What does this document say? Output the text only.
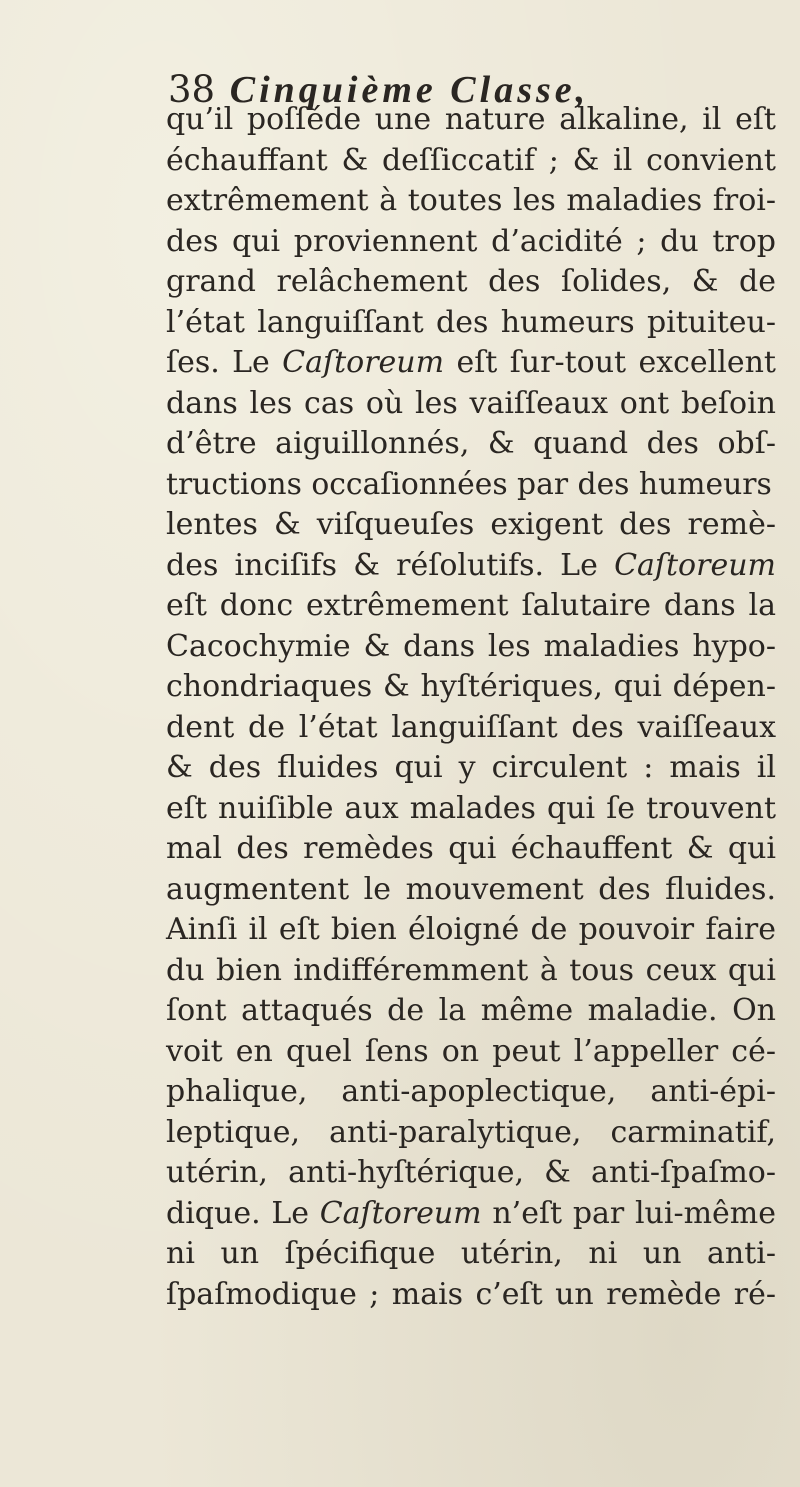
38 Cinquième Classe,
qu’il poſſéde une nature alkaline, il eſt
échauffant & deſſiccatif ; & il convient
extrêmement à toutes les maladies froi-
des qui proviennent d’acidité ; du trop
grand relâchement des ſolides, & de
l’état languiſſant des humeurs pituiteu-
ſes. Le Caſtoreum eſt ſur-tout excellent
dans les cas où les vaiſſeaux ont beſoin
d’être aiguillonnés, & quand des obſ-
tructions occaſionnées par des humeurs
lentes & viſqueuſes exigent des remè-
des inciſifs & réſolutifs. Le Caſtoreum
eſt donc extrêmement ſalutaire dans la
Cacochymie & dans les maladies hypo-
chondriaques & hyſtériques, qui dépen-
dent de l’état languiſſant des vaiſſeaux
& des fluides qui y circulent : mais il
eſt nuiſible aux malades qui ſe trouvent
mal des remèdes qui échauffent & qui
augmentent le mouvement des fluides.
Ainſi il eſt bien éloigné de pouvoir faire
du bien indifféremment à tous ceux qui
ſont attaqués de la même maladie. On
voit en quel ſens on peut l’appeller cé-
phalique, anti-apoplectique, anti-épi-
leptique, anti-paralytique, carminatif,
utérin, anti-hyſtérique, & anti-ſpaſmo-
dique. Le Caſtoreum n’eſt par lui-même
ni un ſpécifique utérin, ni un anti-
ſpaſmodique ; mais c’eſt un remède ré-
